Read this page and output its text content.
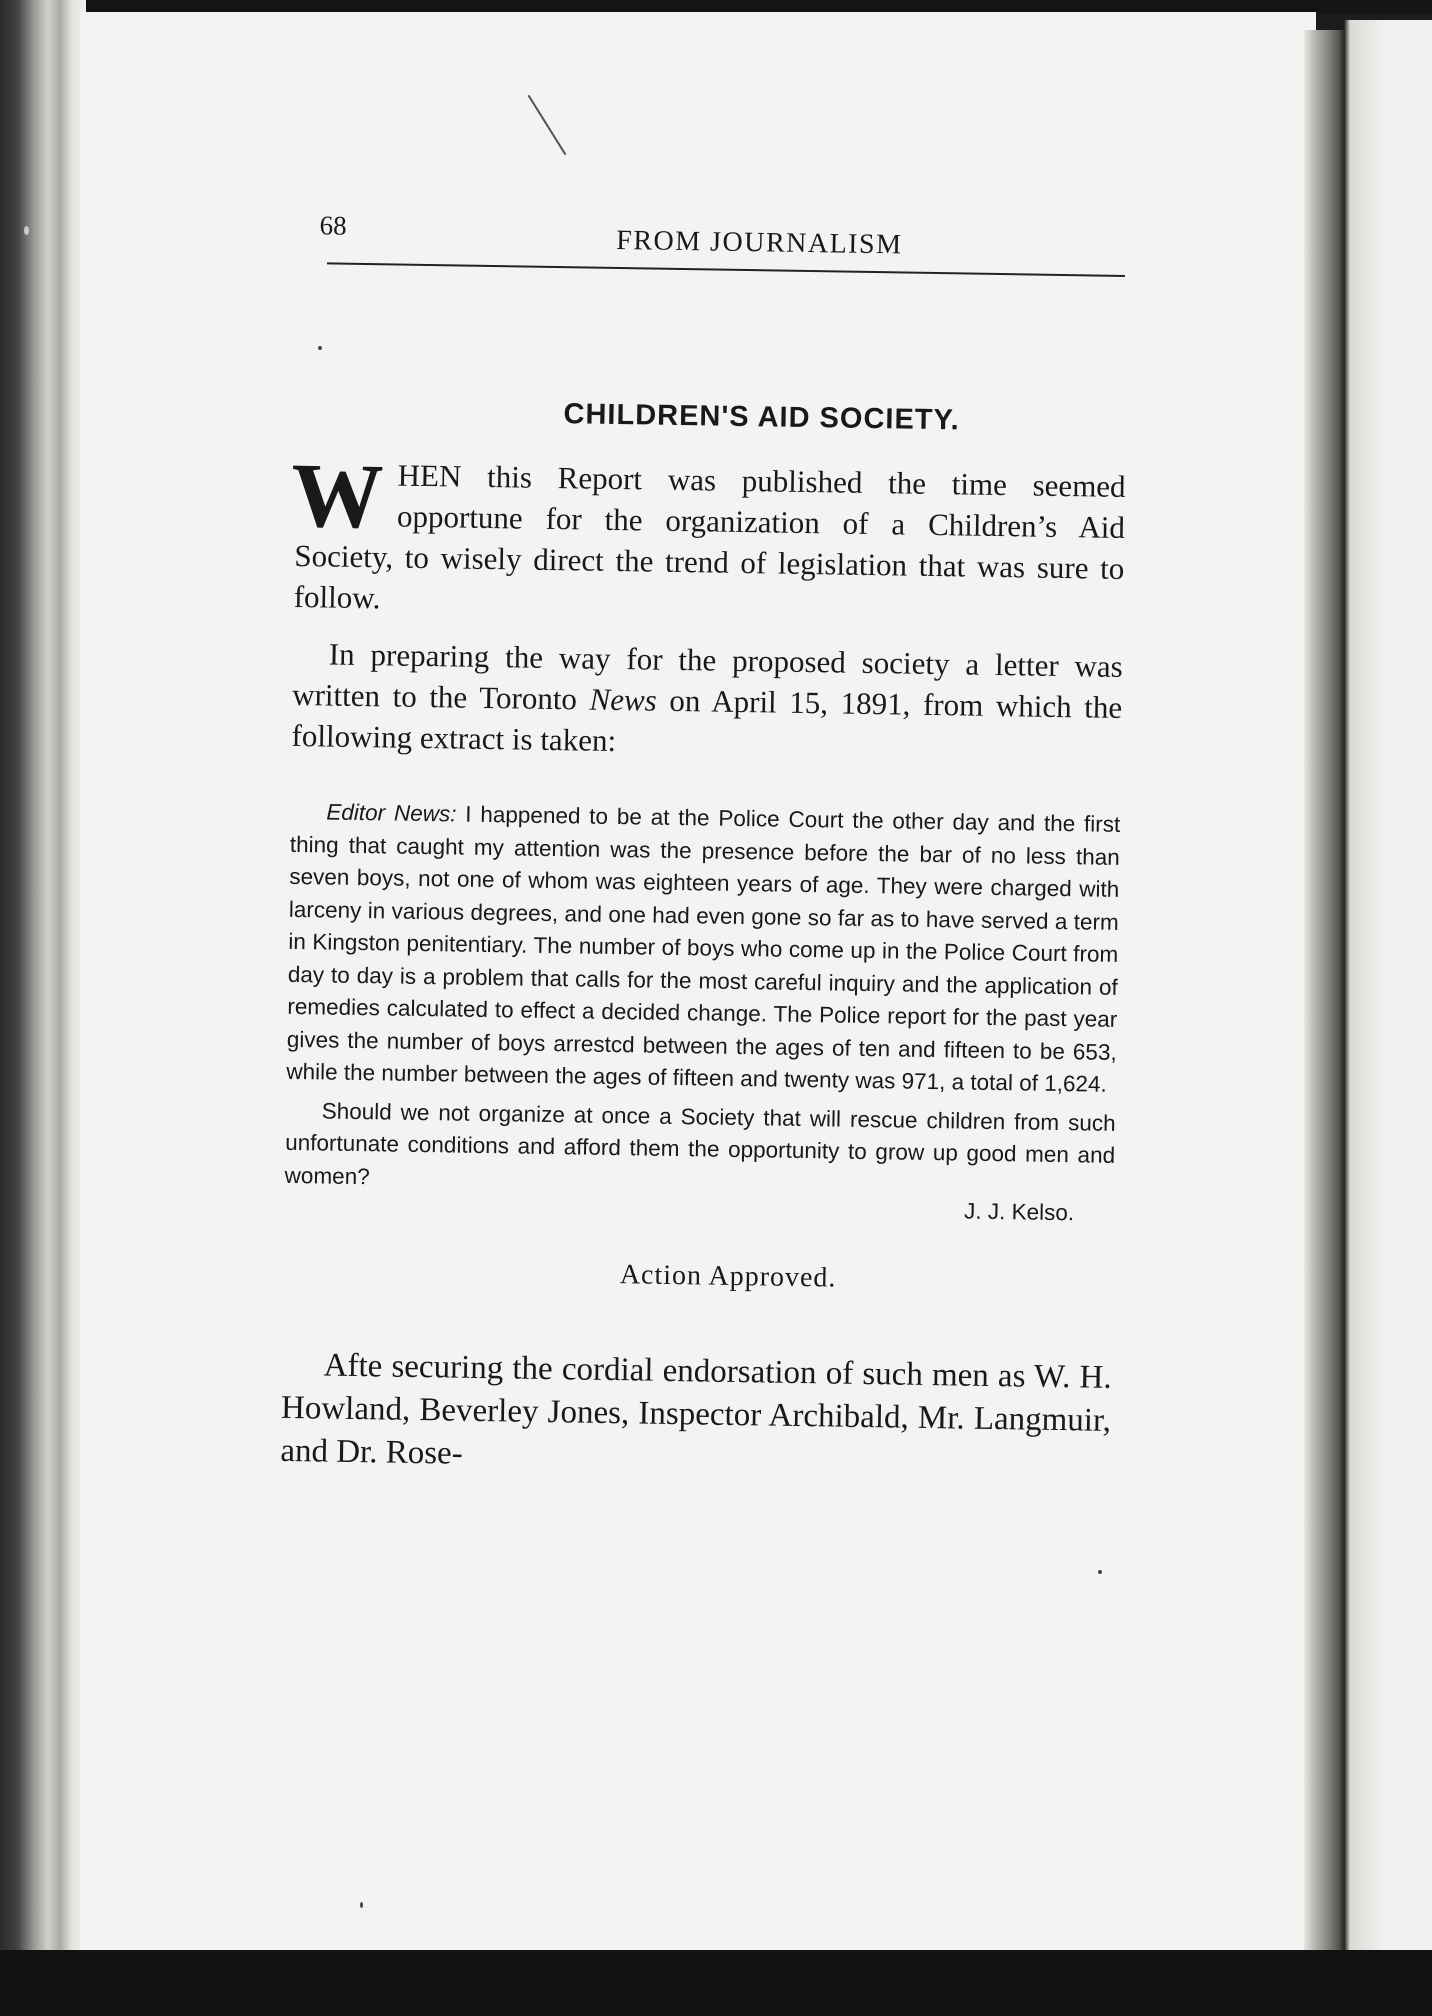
68	FROM JOURNALISM
CHILDREN'S AID SOCIETY.

WHEN this Report was published the time seemed opportune for the organization of a Children’s Aid Society, to wisely direct the trend of legislation that was sure to follow.

In preparing the way for the proposed society a letter was written to the Toronto News on April 15, 1891, from which the following extract is taken:

Editor News: I happened to be at the Police Court the other day and the first thing that caught my attention was the presence before the bar of no less than seven boys, not one of whom was eighteen years of age. They were charged with larceny in various degrees, and one had even gone so far as to have served a term in Kingston penitentiary. The number of boys who come up in the Police Court from day to day is a problem that calls for the most careful inquiry and the application of remedies calculated to effect a decided change. The Police report for the past year gives the number of boys arrestcd between the ages of ten and fifteen to be 653, while the number between the ages of fifteen and twenty was 971, a total of 1,624.

Should we not organize at once a Society that will rescue children from such unfortunate conditions and afford them the opportunity to grow up good men and women?

J. J. Kelso.
Action Approved.

Afte securing the cordial endorsation of such men as W. H. Howland, Beverley Jones, Inspector Archibald, Mr. Langmuir, and Dr. Rose-
